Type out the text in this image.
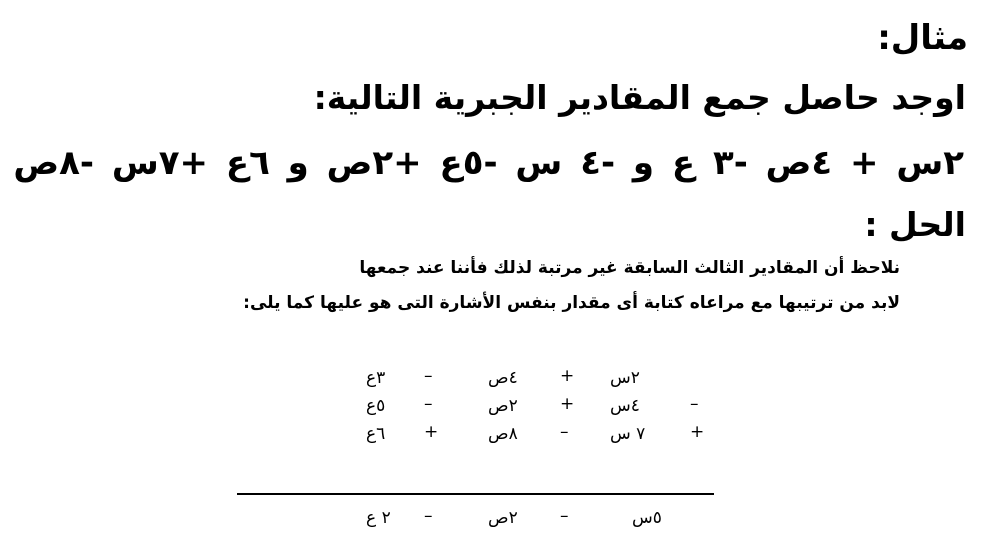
مثال:
اوجد حاصل جمع المقادير الجبرية التالية:
٢س + ٤ص -٣ ع و -٤ س -٥ع +٢ص و ٦ع +٧س -٨ص
الحل :
نلاحظ أن المقادير الثالث السابقة غير مرتبة لذلك فأننا عند جمعها
لابد من ترتيبها مع مراعاه كتابة أى مقدار بنفس الأشارة التى هو عليها كما يلى:
٢س
+
٤ص
–
٣ع
–
٤س
+
٢ص
–
٥ع
+
٧ س
–
٨ص
+
٦ع
٥س
–
٢ص
–
٢ ع
